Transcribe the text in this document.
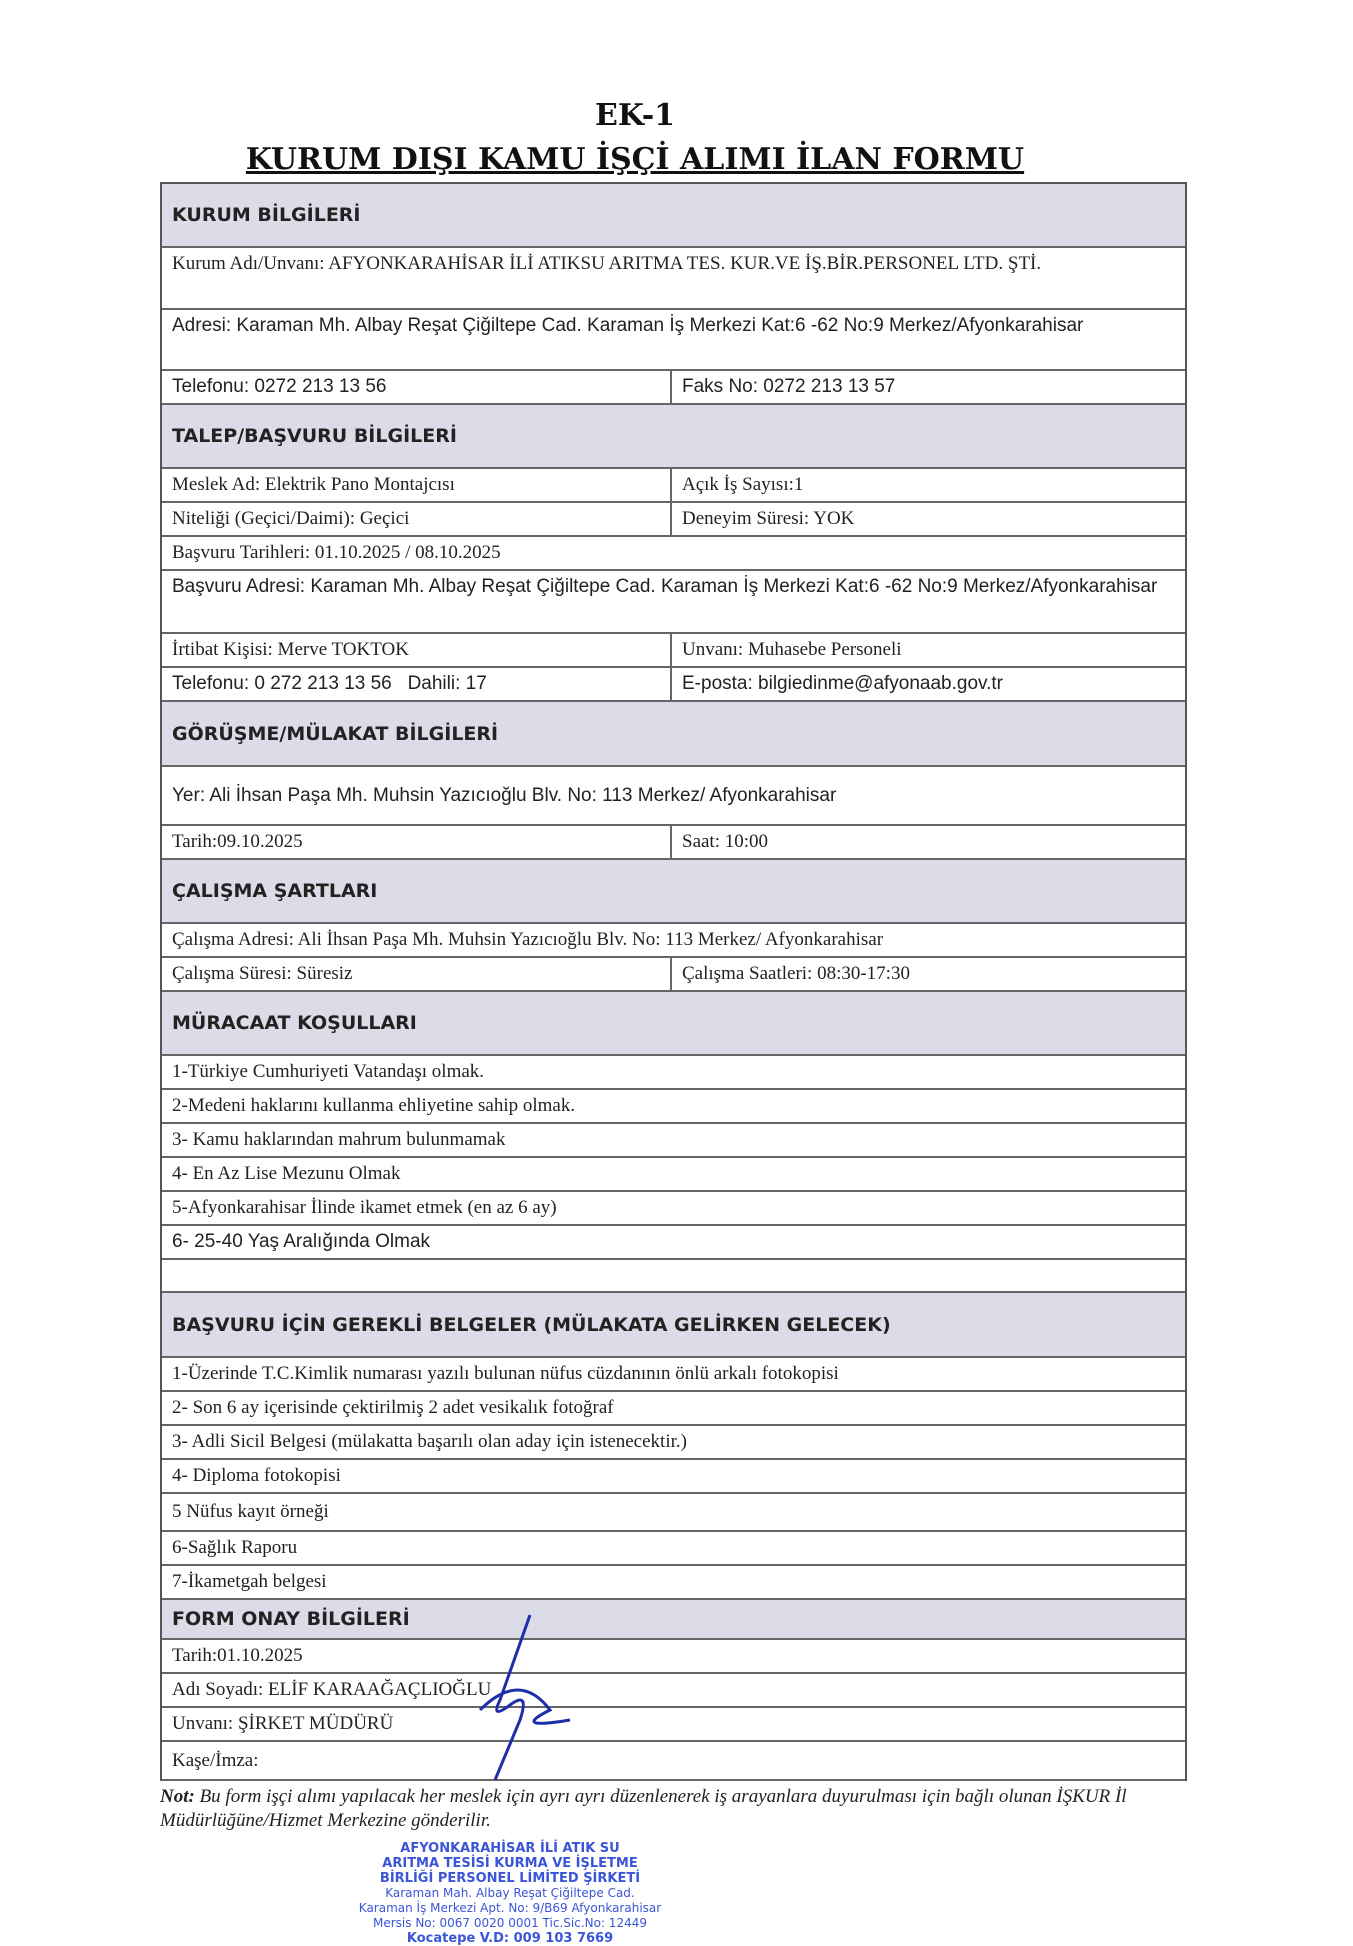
EK-1
KURUM DIŞI KAMU İŞÇİ ALIMI İLAN FORMU
KURUM BİLGİLERİ
Kurum Adı/Unvanı: AFYONKARAHİSAR İLİ ATIKSU ARITMA TES. KUR.VE İŞ.BİR.PERSONEL LTD. ŞTİ.
Adresi: Karaman Mh. Albay Reşat Çiğiltepe Cad. Karaman İş Merkezi Kat:6 -62 No:9 Merkez/Afyonkarahisar
Telefonu: 0272 213 13 56	Faks No: 0272 213 13 57
TALEP/BAŞVURU BİLGİLERİ
Meslek Ad: Elektrik Pano Montajcısı	Açık İş Sayısı:1
Niteliği (Geçici/Daimi): Geçici	Deneyim Süresi: YOK
Başvuru Tarihleri: 01.10.2025 / 08.10.2025
Başvuru Adresi: Karaman Mh. Albay Reşat Çiğiltepe Cad. Karaman İş Merkezi Kat:6 -62 No:9 Merkez/Afyonkarahisar
İrtibat Kişisi: Merve TOKTOK	Unvanı: Muhasebe Personeli
Telefonu: 0 272 213 13 56   Dahili: 17	E-posta: bilgiedinme@afyonaab.gov.tr
GÖRÜŞME/MÜLAKAT BİLGİLERİ
Yer: Ali İhsan Paşa Mh. Muhsin Yazıcıoğlu Blv. No: 113 Merkez/ Afyonkarahisar
Tarih:09.10.2025	Saat: 10:00
ÇALIŞMA ŞARTLARI
Çalışma Adresi: Ali İhsan Paşa Mh. Muhsin Yazıcıoğlu Blv. No: 113 Merkez/ Afyonkarahisar
Çalışma Süresi: Süresiz	Çalışma Saatleri: 08:30-17:30
MÜRACAAT KOŞULLARI
1-Türkiye Cumhuriyeti Vatandaşı olmak.
2-Medeni haklarını kullanma ehliyetine sahip olmak.
3- Kamu haklarından mahrum bulunmamak
4- En Az Lise Mezunu Olmak
5-Afyonkarahisar İlinde ikamet etmek (en az 6 ay)
6- 25-40 Yaş Aralığında Olmak
BAŞVURU İÇİN GEREKLİ BELGELER (MÜLAKATA GELİRKEN GELECEK)
1-Üzerinde T.C.Kimlik numarası yazılı bulunan nüfus cüzdanının önlü arkalı fotokopisi
2- Son 6 ay içerisinde çektirilmiş 2 adet vesikalık fotoğraf
3- Adli Sicil Belgesi (mülakatta başarılı olan aday için istenecektir.)
4- Diploma fotokopisi
5 Nüfus kayıt örneği
6-Sağlık Raporu
7-İkametgah belgesi
FORM ONAY BİLGİLERİ
Tarih:01.10.2025
Adı Soyadı: ELİF KARAAĞAÇLIOĞLU
Unvanı: ŞİRKET MÜDÜRÜ
Kaşe/İmza:
Not: Bu form işçi alımı yapılacak her meslek için ayrı ayrı düzenlenerek iş arayanlara duyurulması için bağlı olunan İŞKUR İl Müdürlüğüne/Hizmet Merkezine gönderilir.
AFYONKARAHİSAR İLİ ATIK SU
ARITMA TESİSİ KURMA VE İŞLETME
BİRLİĞİ PERSONEL LİMİTED ŞİRKETİ
Karaman Mah. Albay Reşat Çiğiltepe Cad.
Karaman İş Merkezi Apt. No: 9/B69 Afyonkarahisar
Mersis No: 0067 0020 0001 Tic.Sic.No: 12449
Kocatepe V.D: 009 103 7669
